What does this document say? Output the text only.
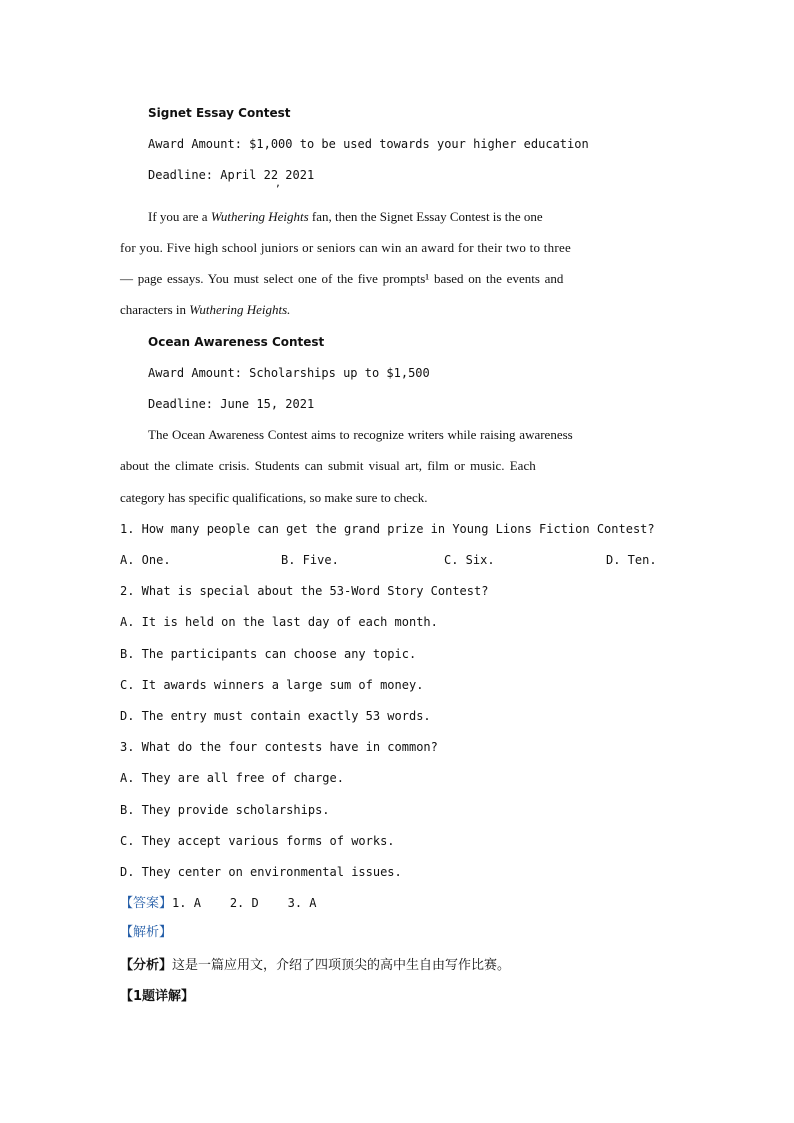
Signet Essay Contest
Award Amount: $1,000 to be used towards your higher education
Deadline: April 22 2021
,
If you are a Wuthering Heights fan, then the Signet Essay Contest is the one
for you. Five high school juniors or seniors can win an award for their two to three
— page essays. You must select one of the five prompts¹ based on the events and
characters in Wuthering Heights.
Ocean Awareness Contest
Award Amount: Scholarships up to $1,500
Deadline: June 15, 2021
The Ocean Awareness Contest aims to recognize writers while raising awareness
about the climate crisis. Students can submit visual art, film or music. Each
category has specific qualifications, so make sure to check.
1. How many people can get the grand prize in Young Lions Fiction Contest?
A. One.	B. Five.	C. Six.	D. Ten.
2. What is special about the 53-Word Story Contest?
A. It is held on the last day of each month.
B. The participants can choose any topic.
C. It awards winners a large sum of money.
D. The entry must contain exactly 53 words.
3. What do the four contests have in common?
A. They are all free of charge.
B. They provide scholarships.
C. They accept various forms of works.
D. They center on environmental issues.
【答案】1. A    2. D    3. A
【解析】
【分析】这是一篇应用文，介绍了四项顶尖的高中生自由写作比赛。
【1题详解】
